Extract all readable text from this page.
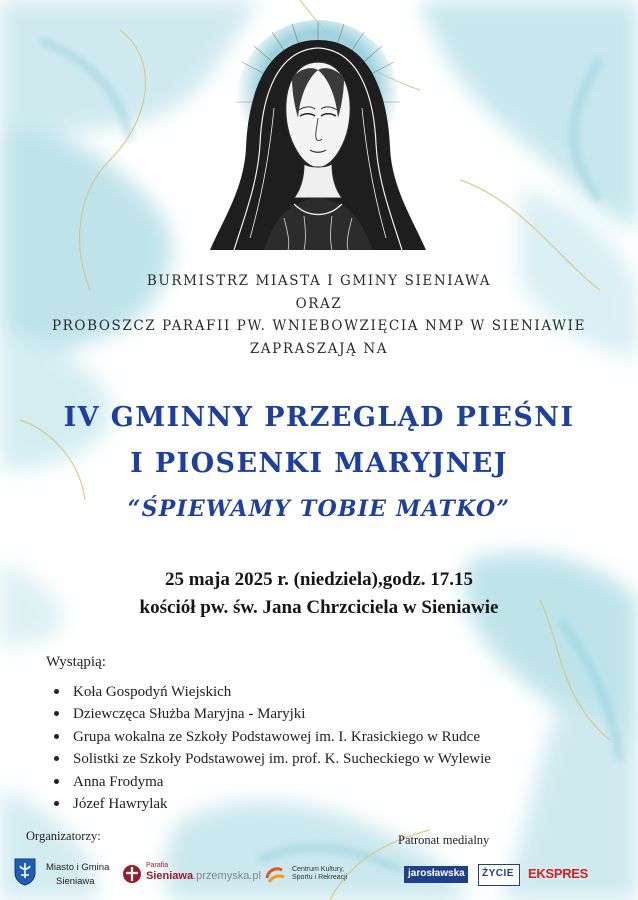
BURMISTRZ MIASTA I GMINY SIENIAWA
ORAZ
PROBOSZCZ PARAFII PW. WNIEBOWZIĘCIA NMP W SIENIAWIE
ZAPRASZAJĄ NA
IV GMINNY PRZEGLĄD PIEŚNI
I PIOSENKI MARYJNEJ
“ŚPIEWAMY TOBIE MATKO”
25 maja 2025 r. (niedziela),godz. 17.15
kościół pw. św. Jana Chrzciciela w Sieniawie
Wystąpią:
Koła Gospodyń Wiejskich
Dziewczęca Służba Maryjna - Maryjki
Grupa wokalna ze Szkoły Podstawowej im. I. Krasickiego w Rudce
Solistki ze Szkoły Podstawowej im. prof. K. Sucheckiego w Wylewie
Anna Frodyma
Józef Hawrylak
Organizatorzy:
Miasto i Gmina
Sieniawa
Parafia
Sieniawa.przemyska.pl
Centrum Kultury,
Sportu i Rekreacji
Patronat medialny
jarosławska ŻYCIE EKSPRES
